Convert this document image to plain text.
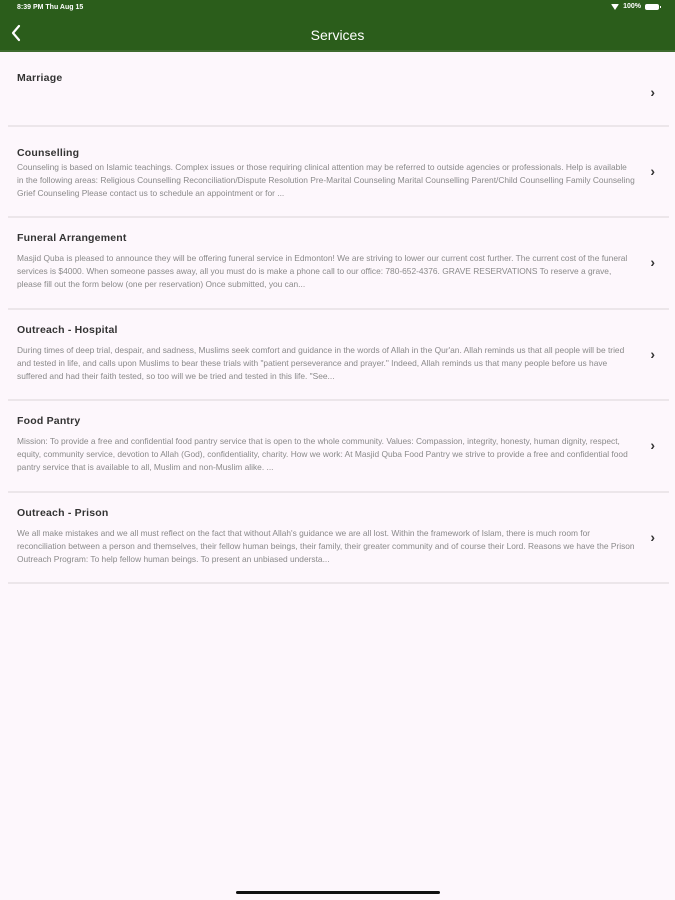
8:39 PM Thu Aug 15	100%
Services
Marriage
›
Counselling
Counseling is based on Islamic teachings. Complex issues or those requiring clinical attention may be referred to outside agencies or professionals. Help is available in the following areas: Religious Counselling Reconciliation/Dispute Resolution Pre-Marital Counseling Marital Counselling Parent/Child Counselling Family Counseling Grief Counseling Please contact us to schedule an appointment or for ...
›
Funeral Arrangement
Masjid Quba is pleased to announce they will be offering funeral service in Edmonton! We are striving to lower our current cost further. The current cost of the funeral services is $4000. When someone passes away, all you must do is make a phone call to our office: 780-652-4376. GRAVE RESERVATIONS To reserve a grave, please fill out the form below (one per reservation) Once submitted, you can...
›
Outreach - Hospital
During times of deep trial, despair, and sadness, Muslims seek comfort and guidance in the words of Allah in the Qur'an. Allah reminds us that all people will be tried and tested in life, and calls upon Muslims to bear these trials with "patient perseverance and prayer." Indeed, Allah reminds us that many people before us have suffered and had their faith tested, so too will we be tried and tested in this life. "See...
›
Food Pantry
Mission: To provide a free and confidential food pantry service that is open to the whole community. Values: Compassion, integrity, honesty, human dignity, respect, equity, community service, devotion to Allah (God), confidentiality, charity. How we work: At Masjid Quba Food Pantry we strive to provide a free and confidential food pantry service that is available to all, Muslim and non-Muslim alike. ...
›
Outreach - Prison
We all make mistakes and we all must reflect on the fact that without Allah's guidance we are all lost. Within the framework of Islam, there is much room for reconciliation between a person and themselves, their fellow human beings, their family, their greater community and of course their Lord. Reasons we have the Prison Outreach Program: To help fellow human beings. To present an unbiased understa...
›
